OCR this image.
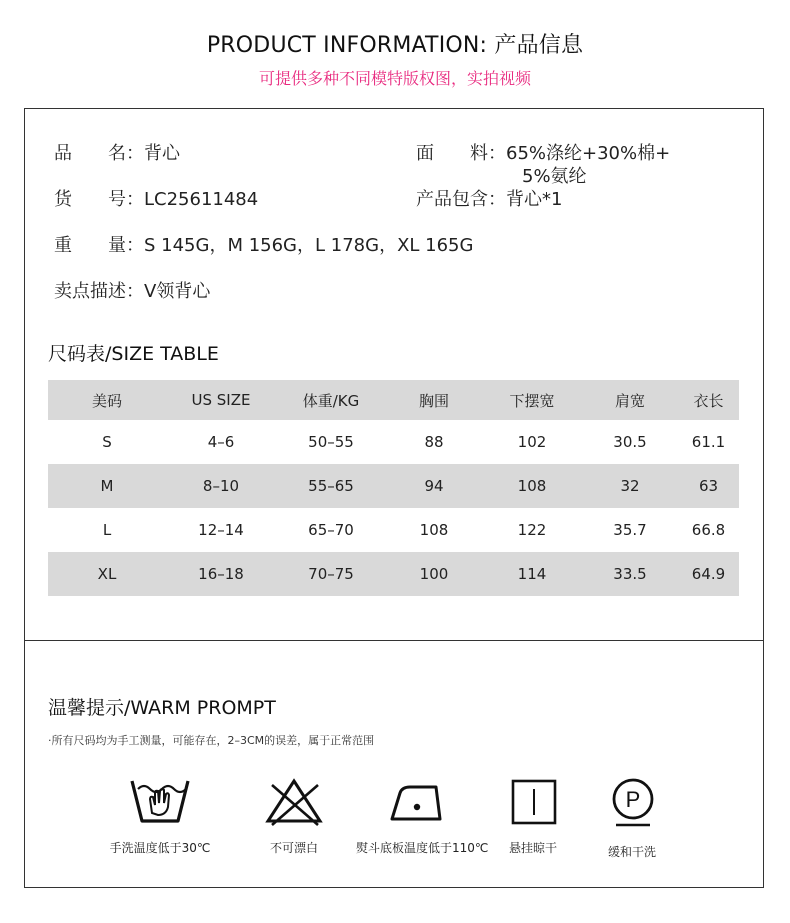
PRODUCT INFORMATION: 产品信息
可提供多种不同模特版权图，实拍视频
品　　名：背心	面　　料：65%涤纶+30%棉+
5%氨纶
货　　号：LC25611484	产品包含：背心*1
重　　量：S 145G，M 156G，L 178G，XL 165G
卖点描述：V领背心
尺码表/SIZE TABLE
美码	US SIZE	体重/KG	胸围	下摆宽	肩宽	衣长
S	4–6	50–55	88	102	30.5	61.1
M	8–10	55–65	94	108	32	63
L	12–14	65–70	108	122	35.7	66.8
XL	16–18	70–75	100	114	33.5	64.9
温馨提示/WARM PROMPT
·所有尺码均为手工测量，可能存在，2–3CM的误差，属于正常范围
手洗温度低于30℃	不可漂白	熨斗底板温度低于110℃	悬挂晾干
P
缓和干洗
